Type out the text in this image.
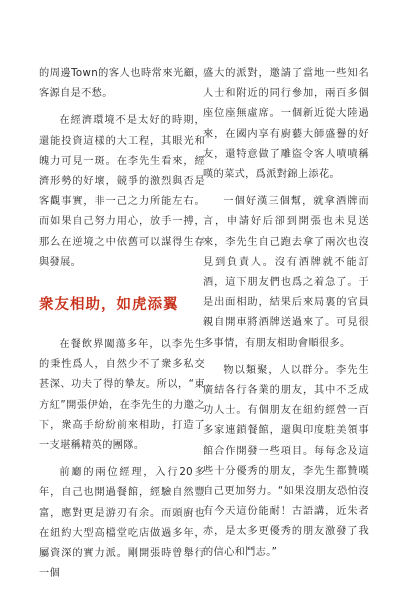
的周邊Town的客人也時常來光顧，客源自是不愁。

在經濟環境不是太好的時期，還能投資這樣的大工程，其眼光和魄力可見一斑。在李先生看來，經濟形勢的好壞，競爭的激烈與否是客觀事實，非一己之力所能左右。而如果自己努力用心，放手一搏，那么在逆境之中依舊可以謀得生存與發展。

衆友相助，如虎添翼

在餐飲界闖蕩多年，以李先生的秉性爲人，自然少不了衆多私交甚深、功夫了得的摯友。所以，“東方紅”開張伊始，在李先生的力邀之下，衆高手紛紛前來相助，打造了一支堪稱精英的團隊。

前廳的兩位經理，入行20多年，自己也開過餐館，經驗自然豐富，應對更是游刃有余。而頭廚也在紐約大型高檔堂吃店做過多年，屬資深的實力派。剛開張時曾舉行一個

盛大的派對，邀請了當地一些知名人士和附近的同行參加，兩百多個座位座無虛席。一個新近從大陸過來，在國内享有廚藝大師盛譽的好友，還特意做了雕盜令客人嘖嘖稱嘆的菜式，爲派對錦上添花。

一個好漢三個幫，就拿酒牌而言，申請好后卻到開張也未見送來，李先生自己跑去拿了兩次也沒見到負責人。沒有酒牌就不能訂酒，這下朋友們也爲之着急了。于是出面相助，結果后來局裏的官員親自開車將酒牌送過來了。可見很多事情，有朋友相助會順很多。

物以類聚，人以群分。李先生廣結各行各業的朋友，其中不乏成功人士。有個朋友在紐約經營一百多家連鎖餐館，還與印度駐美領事館合作開發一些項目。每每念及這些十分優秀的朋友，李先生都贊嘆自己更加努力。“如果沒朋友恐怕沒有今天這份能耐！古語講，近朱者赤，是太多更優秀的朋友激發了我的信心和鬥志。”
